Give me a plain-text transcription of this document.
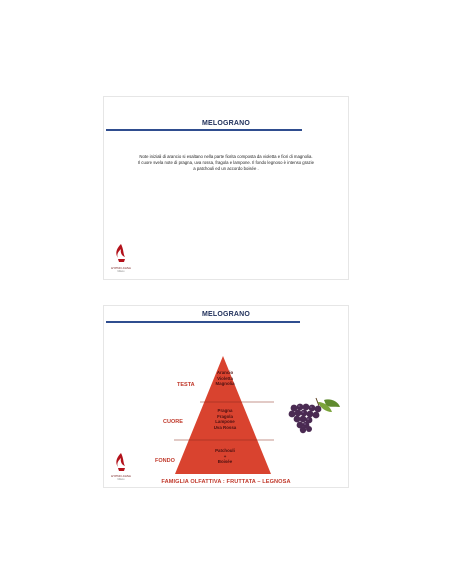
MELOGRANO
Note iniziali di arancio si esaltano nella parte fiorita composta da violetta e fiori di magnolia.
Il cuore svela note di pragna, uva rossa, fragola e lampone. Il fondo legnoso è intenso grazie
a patchouli ed un accordo boisée .
HYPNO-CASA
Milano
MELOGRANO
TESTA
CUORE
FONDO
Arancio
Violetta
Magnolia
Pragna
Fragola
Lampone
Uva Rossa
Patchouli
+
Boisée
HYPNO-CASA
Milano	FAMIGLIA OLFATTIVA : FRUTTATA – LEGNOSA
